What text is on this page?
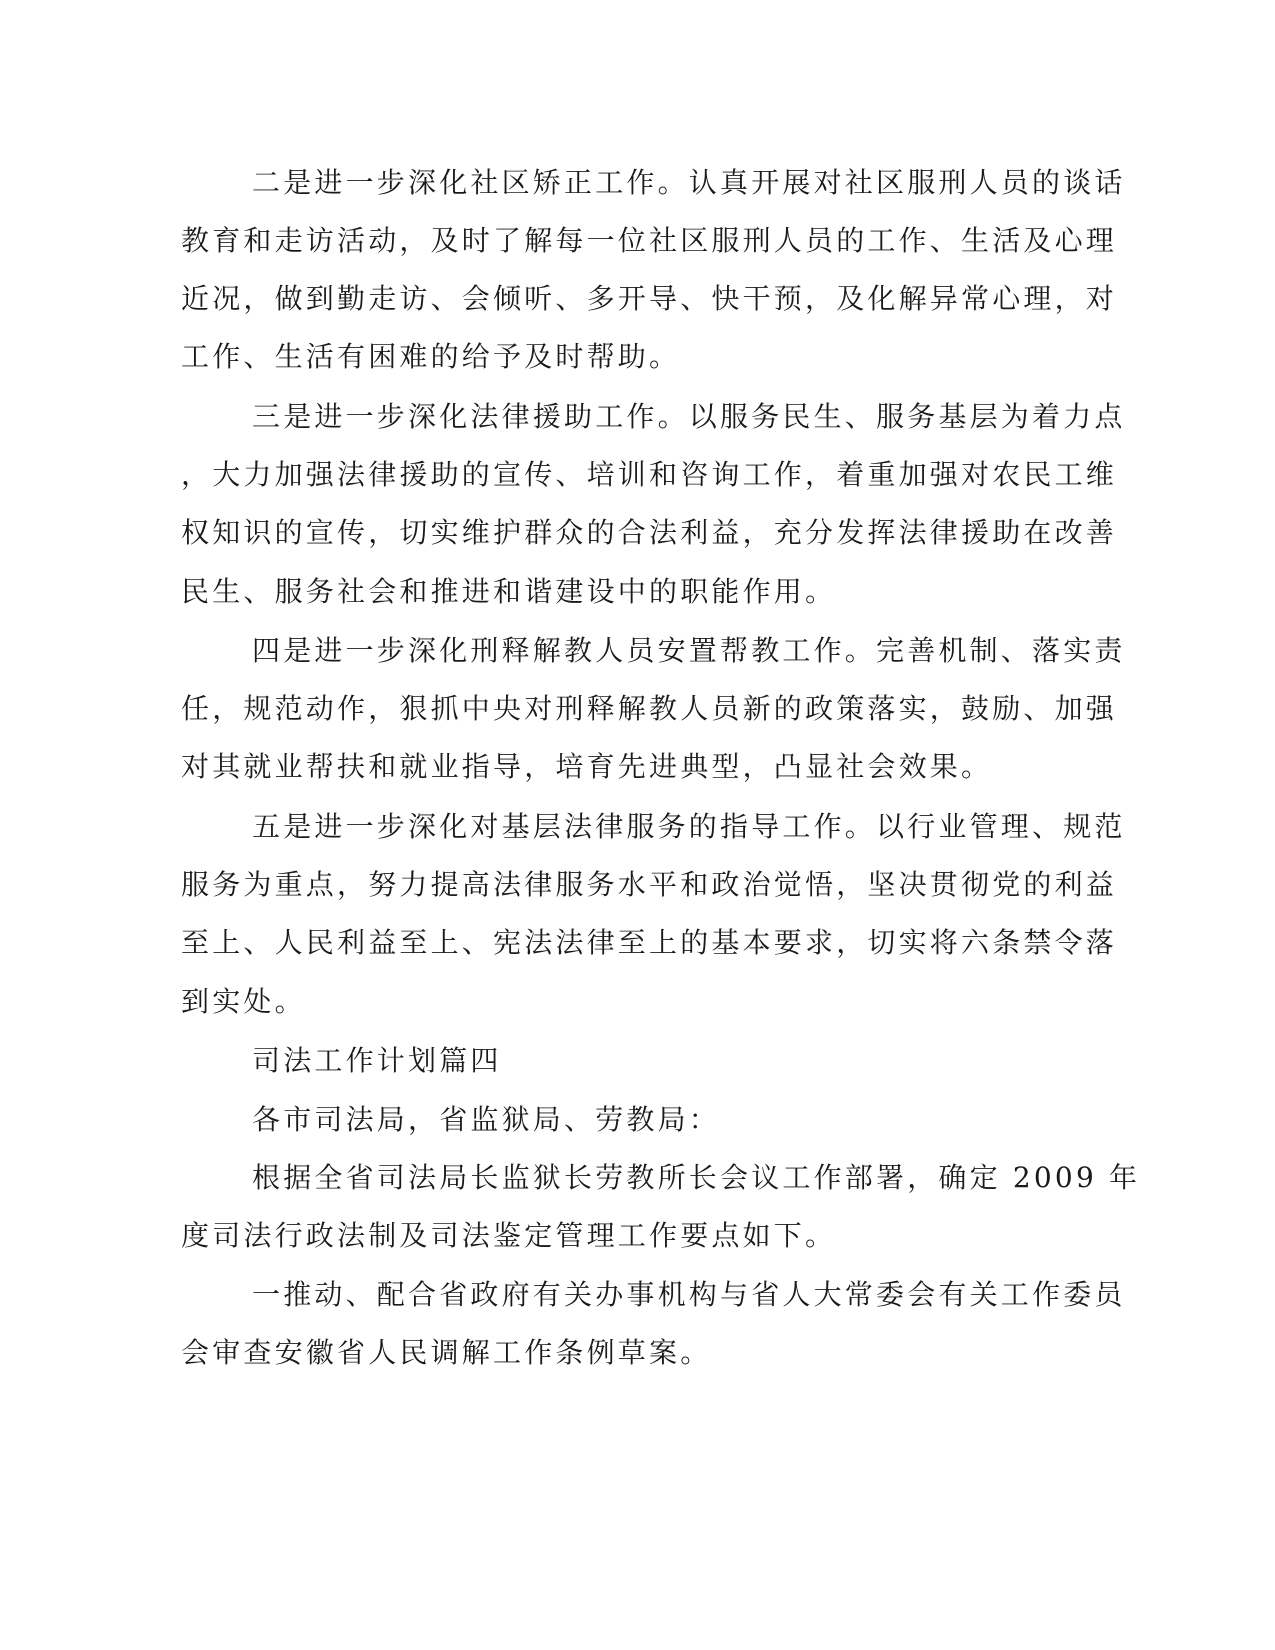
二是进一步深化社区矫正工作。认真开展对社区服刑人员的谈话
教育和走访活动，及时了解每一位社区服刑人员的工作、生活及心理
近况，做到勤走访、会倾听、多开导、快干预，及化解异常心理，对
工作、生活有困难的给予及时帮助。
三是进一步深化法律援助工作。以服务民生、服务基层为着力点
，大力加强法律援助的宣传、培训和咨询工作，着重加强对农民工维
权知识的宣传，切实维护群众的合法利益，充分发挥法律援助在改善
民生、服务社会和推进和谐建设中的职能作用。
四是进一步深化刑释解教人员安置帮教工作。完善机制、落实责
任，规范动作，狠抓中央对刑释解教人员新的政策落实，鼓励、加强
对其就业帮扶和就业指导，培育先进典型，凸显社会效果。
五是进一步深化对基层法律服务的指导工作。以行业管理、规范
服务为重点，努力提高法律服务水平和政治觉悟，坚决贯彻党的利益
至上、人民利益至上、宪法法律至上的基本要求，切实将六条禁令落
到实处。
司法工作计划篇四
各市司法局，省监狱局、劳教局：
根据全省司法局长监狱长劳教所长会议工作部署，确定 2009 年
度司法行政法制及司法鉴定管理工作要点如下。
一推动、配合省政府有关办事机构与省人大常委会有关工作委员
会审查安徽省人民调解工作条例草案。
